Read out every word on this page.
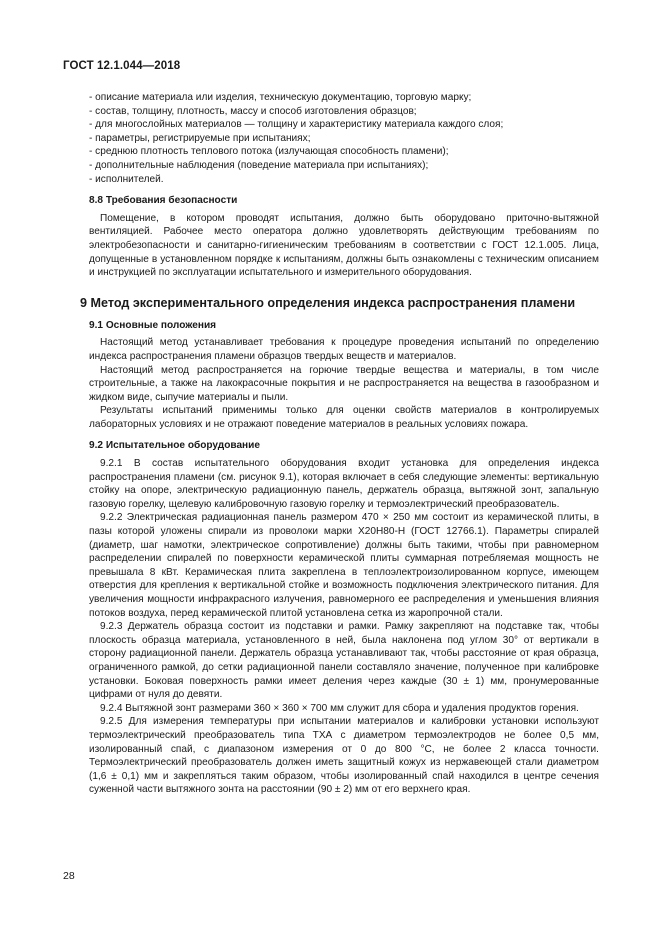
ГОСТ 12.1.044—2018
- описание материала или изделия, техническую документацию, торговую марку;
- состав, толщину, плотность, массу и способ изготовления образцов;
- для многослойных материалов — толщину и характеристику материала каждого слоя;
- параметры, регистрируемые при испытаниях;
- среднюю плотность теплового потока (излучающая способность пламени);
- дополнительные наблюдения (поведение материала при испытаниях);
- исполнителей.
8.8 Требования безопасности

Помещение, в котором проводят испытания, должно быть оборудовано приточно-вытяжной вентиляцией. Рабочее место оператора должно удовлетворять действующим требованиям по электробезопасности и санитарно-гигиеническим требованиям в соответствии с ГОСТ 12.1.005. Лица, допущенные в установленном порядке к испытаниям, должны быть ознакомлены с техническим описанием и инструкцией по эксплуатации испытательного и измерительного оборудования.

9 Метод экспериментального определения индекса распространения пламени
9.1 Основные положения

Настоящий метод устанавливает требования к процедуре проведения испытаний по определению индекса распространения пламени образцов твердых веществ и материалов.

Настоящий метод распространяется на горючие твердые вещества и материалы, в том числе строительные, а также на лакокрасочные покрытия и не распространяется на вещества в газообразном и жидком виде, сыпучие материалы и пыли.

Результаты испытаний применимы только для оценки свойств материалов в контролируемых лабораторных условиях и не отражают поведение материалов в реальных условиях пожара.

9.2 Испытательное оборудование

9.2.1 В состав испытательного оборудования входит установка для определения индекса распространения пламени (см. рисунок 9.1), которая включает в себя следующие элементы: вертикальную стойку на опоре, электрическую радиационную панель, держатель образца, вытяжной зонт, запальную газовую горелку, щелевую калибровочную газовую горелку и термоэлектрический преобразователь.

9.2.2 Электрическая радиационная панель размером 470 × 250 мм состоит из керамической плиты, в пазы которой уложены спирали из проволоки марки Х20Н80-Н (ГОСТ 12766.1). Параметры спиралей (диаметр, шаг намотки, электрическое сопротивление) должны быть такими, чтобы при равномерном распределении спиралей по поверхности керамической плиты суммарная потребляемая мощность не превышала 8 кВт. Керамическая плита закреплена в теплоэлектроизолированном корпусе, имеющем отверстия для крепления к вертикальной стойке и возможность подключения электрического питания. Для увеличения мощности инфракрасного излучения, равномерного ее распределения и уменьшения влияния потоков воздуха, перед керамической плитой установлена сетка из жаропрочной стали.

9.2.3 Держатель образца состоит из подставки и рамки. Рамку закрепляют на подставке так, чтобы плоскость образца материала, установленного в ней, была наклонена под углом 30° от вертикали в сторону радиационной панели. Держатель образца устанавливают так, чтобы расстояние от края образца, ограниченного рамкой, до сетки радиационной панели составляло значение, полученное при калибровке установки. Боковая поверхность рамки имеет деления через каждые (30 ± 1) мм, пронумерованные цифрами от нуля до девяти.

9.2.4 Вытяжной зонт размерами 360 × 360 × 700 мм служит для сбора и удаления продуктов горения.

9.2.5 Для измерения температуры при испытании материалов и калибровки установки используют термоэлектрический преобразователь типа ТХА с диаметром термоэлектродов не более 0,5 мм, изолированный спай, с диапазоном измерения от 0 до 800 °С, не более 2 класса точности. Термоэлектрический преобразователь должен иметь защитный кожух из нержавеющей стали диаметром (1,6 ± 0,1) мм и закрепляться таким образом, чтобы изолированный спай находился в центре сечения суженной части вытяжного зонта на расстоянии (90 ± 2) мм от его верхнего края.

28
